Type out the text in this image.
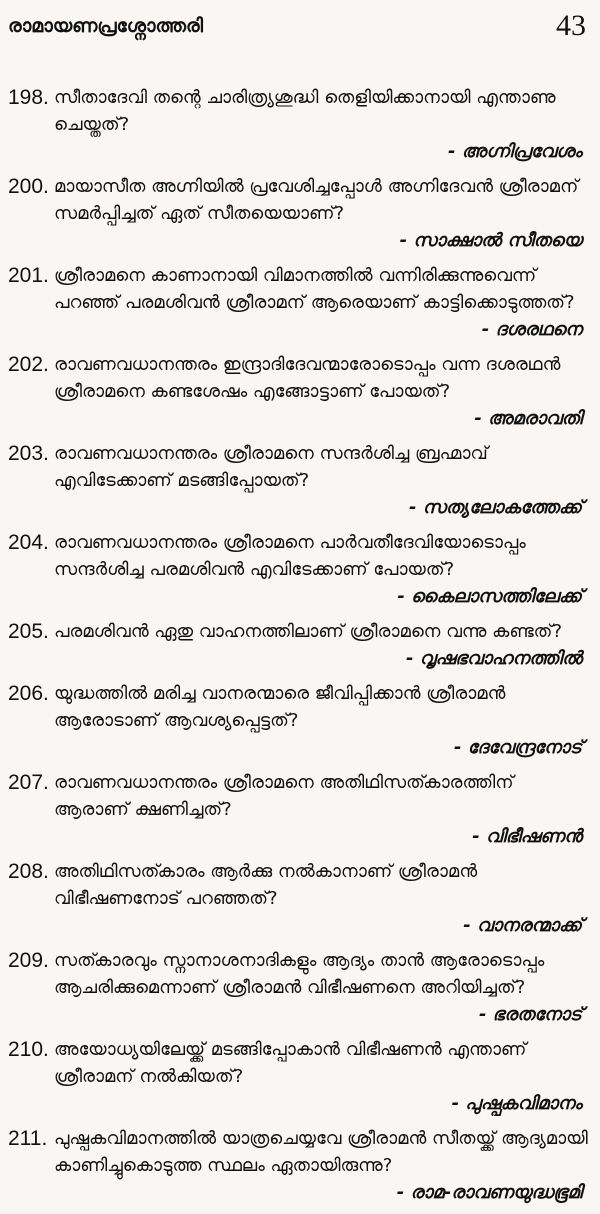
രാമായണപ്രശ്നോത്തരി	43
198. സീതാദേവി തന്റെ ചാരിത്ര്യശുദ്ധി തെളിയിക്കാനായി എന്താണു ചെയ്തത്?
- അഗ്നിപ്രവേശം
200. മായാസീത അഗ്നിയിൽ പ്രവേശിച്ചപ്പോൾ അഗ്നിദേവൻ ശ്രീരാമന് സമർപ്പിച്ചത് ഏത് സീതയെയാണ്?
- സാക്ഷാൽ സീതയെ
201. ശ്രീരാമനെ കാണാനായി വിമാനത്തിൽ വന്നിരിക്കുന്നുവെന്ന് പറഞ്ഞ് പരമശിവൻ ശ്രീരാമന് ആരെയാണ് കാട്ടിക്കൊടുത്തത്?
- ദശരഥനെ
202. രാവണവധാനന്തരം ഇന്ദ്രാദിദേവന്മാരോടൊപ്പം വന്ന ദശരഥൻ ശ്രീരാമനെ കണ്ടശേഷം എങ്ങോട്ടാണ് പോയത്?
- അമരാവതി
203. രാവണവധാനന്തരം ശ്രീരാമനെ സന്ദർശിച്ച ബ്രഹ്മാവ് എവിടേക്കാണ് മടങ്ങിപ്പോയത്?
- സത്യലോകത്തേക്ക്
204. രാവണവധാനന്തരം ശ്രീരാമനെ പാർവതീദേവിയോടൊപ്പം സന്ദർശിച്ച പരമശിവൻ എവിടേക്കാണ് പോയത്?
- കൈലാസത്തിലേക്ക്
205. പരമശിവൻ ഏതു വാഹനത്തിലാണ് ശ്രീരാമനെ വന്നു കണ്ടത്?
- വൃഷഭവാഹനത്തിൽ
206. യുദ്ധത്തിൽ മരിച്ച വാനരന്മാരെ ജീവിപ്പിക്കാൻ ശ്രീരാമൻ ആരോടാണ് ആവശ്യപ്പെട്ടത്?
- ദേവേന്ദ്രനോട്
207. രാവണവധാനന്തരം ശ്രീരാമനെ അതിഥിസത്കാരത്തിന് ആരാണ് ക്ഷണിച്ചത്?
- വിഭീഷണൻ
208. അതിഥിസത്കാരം ആർക്കു നൽകാനാണ് ശ്രീരാമൻ വിഭീഷണനോട് പറഞ്ഞത്?
- വാനരന്മാക്ക്
209. സത്കാരവും സ്നാനാശനാദികളും ആദ്യം താൻ ആരോടൊപ്പം ആചരിക്കുമെന്നാണ് ശ്രീരാമൻ വിഭീഷണനെ അറിയിച്ചത്?
- ഭരതനോട്
210. അയോധ്യയിലേയ്ക്ക് മടങ്ങിപ്പോകാൻ വിഭീഷണൻ എന്താണ് ശ്രീരാമന് നൽകിയത്?
- പുഷ്പകവിമാനം
211. പുഷ്പകവിമാനത്തിൽ യാത്രചെയ്യവേ ശ്രീരാമൻ സീതയ്ക്ക് ആദ്യമായി കാണിച്ചുകൊടുത്ത സ്ഥലം ഏതായിരുന്നു?
- രാമ-രാവണയുദ്ധഭൂമി
